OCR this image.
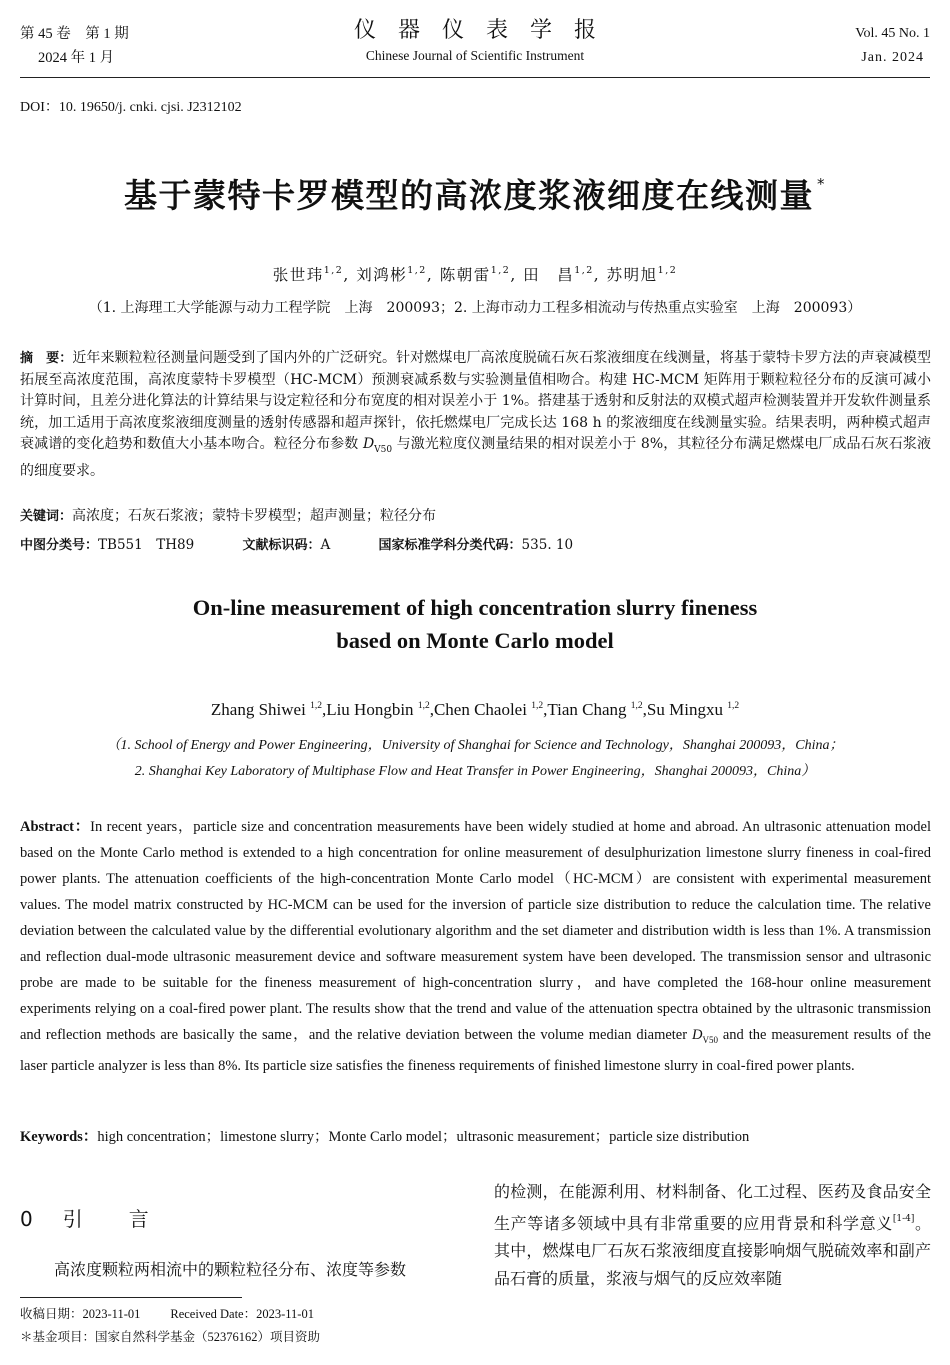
第 45 卷　第 1 期
2024 年 1 月
仪器仪表学报
Chinese Journal of Scientific Instrument
Vol. 45 No. 1
Jan. 2024
DOI：10. 19650/j. cnki. cjsi. J2312102
基于蒙特卡罗模型的高浓度浆液细度在线测量 *
张世玮$^{1,2}$, 刘鸿彬$^{1,2}$, 陈朝雷$^{1,2}$, 田　昌$^{1,2}$, 苏明旭$^{1,2}$
（1. 上海理工大学能源与动力工程学院　上海　200093；2. 上海市动力工程多相流动与传热重点实验室　上海　200093）
摘　要：近年来颗粒粒径测量问题受到了国内外的广泛研究。针对燃煤电厂高浓度脱硫石灰石浆液细度在线测量，将基于蒙特卡罗方法的声衰减模型拓展至高浓度范围，高浓度蒙特卡罗模型（HC-MCM）预测衰减系数与实验测量值相吻合。构建 HC-MCM 矩阵用于颗粒粒径分布的反演可减小计算时间，且差分进化算法的计算结果与设定粒径和分布宽度的相对误差小于 1%。搭建基于透射和反射法的双模式超声检测装置并开发软件测量系统，加工适用于高浓度浆液细度测量的透射传感器和超声探针，依托燃煤电厂完成长达 168 h 的浆液细度在线测量实验。结果表明，两种模式超声衰减谱的变化趋势和数值大小基本吻合。粒径分布参数 $D_{V50}$ 与激光粒度仪测量结果的相对误差小于 8%，其粒径分布满足燃煤电厂成品石灰石浆液的细度要求。
关键词：高浓度；石灰石浆液；蒙特卡罗模型；超声测量；粒径分布
中图分类号：TB551　TH89	文献标识码：A	国家标准学科分类代码：535. 10
On-line measurement of high concentration slurry fineness
based on Monte Carlo model
Zhang Shiwei $^{1,2}$,Liu Hongbin $^{1,2}$,Chen Chaolei $^{1,2}$,Tian Chang $^{1,2}$,Su Mingxu $^{1,2}$
（1. School of Energy and Power Engineering，University of Shanghai for Science and Technology，Shanghai 200093，China；
2. Shanghai Key Laboratory of Multiphase Flow and Heat Transfer in Power Engineering，Shanghai 200093，China）
Abstract：In recent years，particle size and concentration measurements have been widely studied at home and abroad. An ultrasonic attenuation model based on the Monte Carlo method is extended to a high concentration for online measurement of desulphurization limestone slurry fineness in coal-fired power plants. The attenuation coefficients of the high-concentration Monte Carlo model（HC-MCM）are consistent with experimental measurement values. The model matrix constructed by HC-MCM can be used for the inversion of particle size distribution to reduce the calculation time. The relative deviation between the calculated value by the differential evolutionary algorithm and the set diameter and distribution width is less than 1%. A transmission and reflection dual-mode ultrasonic measurement device and software measurement system have been developed. The transmission sensor and ultrasonic probe are made to be suitable for the fineness measurement of high-concentration slurry，and have completed the 168-hour online measurement experiments relying on a coal-fired power plant. The results show that the trend and value of the attenuation spectra obtained by the ultrasonic transmission and reflection methods are basically the same，and the relative deviation between the volume median diameter $D_{V50}$ and the measurement results of the laser particle analyzer is less than 8%. Its particle size satisfies the fineness requirements of finished limestone slurry in coal-fired power plants.
Keywords：high concentration；limestone slurry；Monte Carlo model；ultrasonic measurement；particle size distribution
0 引 言
高浓度颗粒两相流中的颗粒粒径分布、浓度等参数
的检测，在能源利用、材料制备、化工过程、医药及食品安全生产等诸多领域中具有非常重要的应用背景和科学意义[1-4]。其中，燃煤电厂石灰石浆液细度直接影响烟气脱硫效率和副产品石膏的质量，浆液与烟气的反应效率随
收稿日期：2023-11-01 Received Date：2023-11-01
＊基金项目：国家自然科学基金（52376162）项目资助
